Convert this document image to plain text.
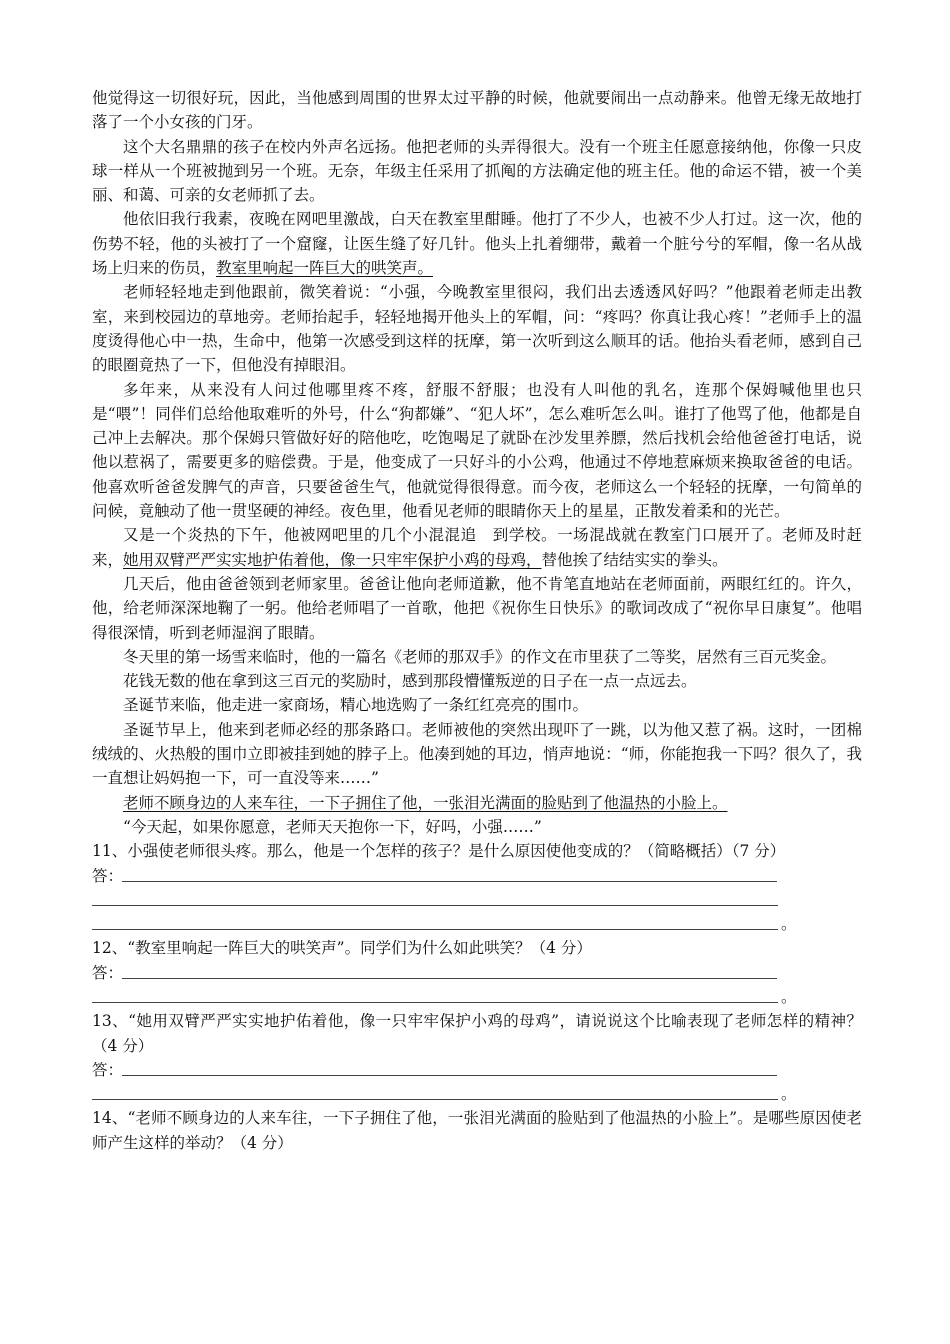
他觉得这一切很好玩，因此，当他感到周围的世界太过平静的时候，他就要闹出一点动静来。他曾无缘无故地打落了一个小女孩的门牙。

这个大名鼎鼎的孩子在校内外声名远扬。他把老师的头弄得很大。没有一个班主任愿意接纳他，你像一只皮球一样从一个班被抛到另一个班。无奈，年级主任采用了抓阄的方法确定他的班主任。他的命运不错，被一个美丽、和蔼、可亲的女老师抓了去。

他依旧我行我素，夜晚在网吧里激战，白天在教室里酣睡。他打了不少人，也被不少人打过。这一次，他的伤势不轻，他的头被打了一个窟窿，让医生缝了好几针。他头上扎着绷带，戴着一个脏兮兮的军帽，像一名从战场上归来的伤员，教室里响起一阵巨大的哄笑声。

老师轻轻地走到他跟前，微笑着说：“小强，今晚教室里很闷，我们出去透透风好吗？”他跟着老师走出教室，来到校园边的草地旁。老师抬起手，轻轻地揭开他头上的军帽，问：“疼吗？你真让我心疼！”老师手上的温度烫得他心中一热，生命中，他第一次感受到这样的抚摩，第一次听到这么顺耳的话。他抬头看老师，感到自己的眼圈竟热了一下，但他没有掉眼泪。

多年来，从来没有人问过他哪里疼不疼，舒服不舒服；也没有人叫他的乳名，连那个保姆喊他里也只是“喂”！同伴们总给他取难听的外号，什么“狗都嫌”、“犯人坏”，怎么难听怎么叫。谁打了他骂了他，他都是自己冲上去解决。那个保姆只管做好好的陪他吃，吃饱喝足了就卧在沙发里养膘，然后找机会给他爸爸打电话，说他以惹祸了，需要更多的赔偿费。于是，他变成了一只好斗的小公鸡，他通过不停地惹麻烦来换取爸爸的电话。他喜欢听爸爸发脾气的声音，只要爸爸生气，他就觉得很得意。而今夜，老师这么一个轻轻的抚摩，一句简单的问候，竟触动了他一贯坚硬的神经。夜色里，他看见老师的眼睛你天上的星星，正散发着柔和的光芒。

又是一个炎热的下午，他被网吧里的几个小混混追　到学校。一场混战就在教室门口展开了。老师及时赶来，她用双臂严严实实地护佑着他，像一只牢牢保护小鸡的母鸡，替他挨了结结实实的拳头。

几天后，他由爸爸领到老师家里。爸爸让他向老师道歉，他不肯笔直地站在老师面前，两眼红红的。许久，他，给老师深深地鞠了一躬。他给老师唱了一首歌，他把《祝你生日快乐》的歌词改成了“祝你早日康复”。他唱得很深情，听到老师湿润了眼睛。

冬天里的第一场雪来临时，他的一篇名《老师的那双手》的作文在市里获了二等奖，居然有三百元奖金。

花钱无数的他在拿到这三百元的奖励时，感到那段懵懂叛逆的日子在一点一点远去。

圣诞节来临，他走进一家商场，精心地选购了一条红红亮亮的围巾。

圣诞节早上，他来到老师必经的那条路口。老师被他的突然出现吓了一跳，以为他又惹了祸。这时，一团棉绒绒的、火热般的围巾立即被挂到她的脖子上。他凑到她的耳边，悄声地说：“师，你能抱我一下吗？很久了，我一直想让妈妈抱一下，可一直没等来……”

老师不顾身边的人来车往，一下子拥住了他，一张泪光满面的脸贴到了他温热的小脸上。

“今天起，如果你愿意，老师天天抱你一下，好吗，小强……”

11、小强使老师很头疼。那么，他是一个怎样的孩子？是什么原因使他变成的？（简略概括）（7 分）

答：
。

12、“教室里响起一阵巨大的哄笑声”。同学们为什么如此哄笑？（4 分）

答：
。

13、“她用双臂严严实实地护佑着他，像一只牢牢保护小鸡的母鸡”，请说说这个比喻表现了老师怎样的精神？（4 分）

答：
。

14、“老师不顾身边的人来车往，一下子拥住了他，一张泪光满面的脸贴到了他温热的小脸上”。是哪些原因使老师产生这样的举动？（4 分）
